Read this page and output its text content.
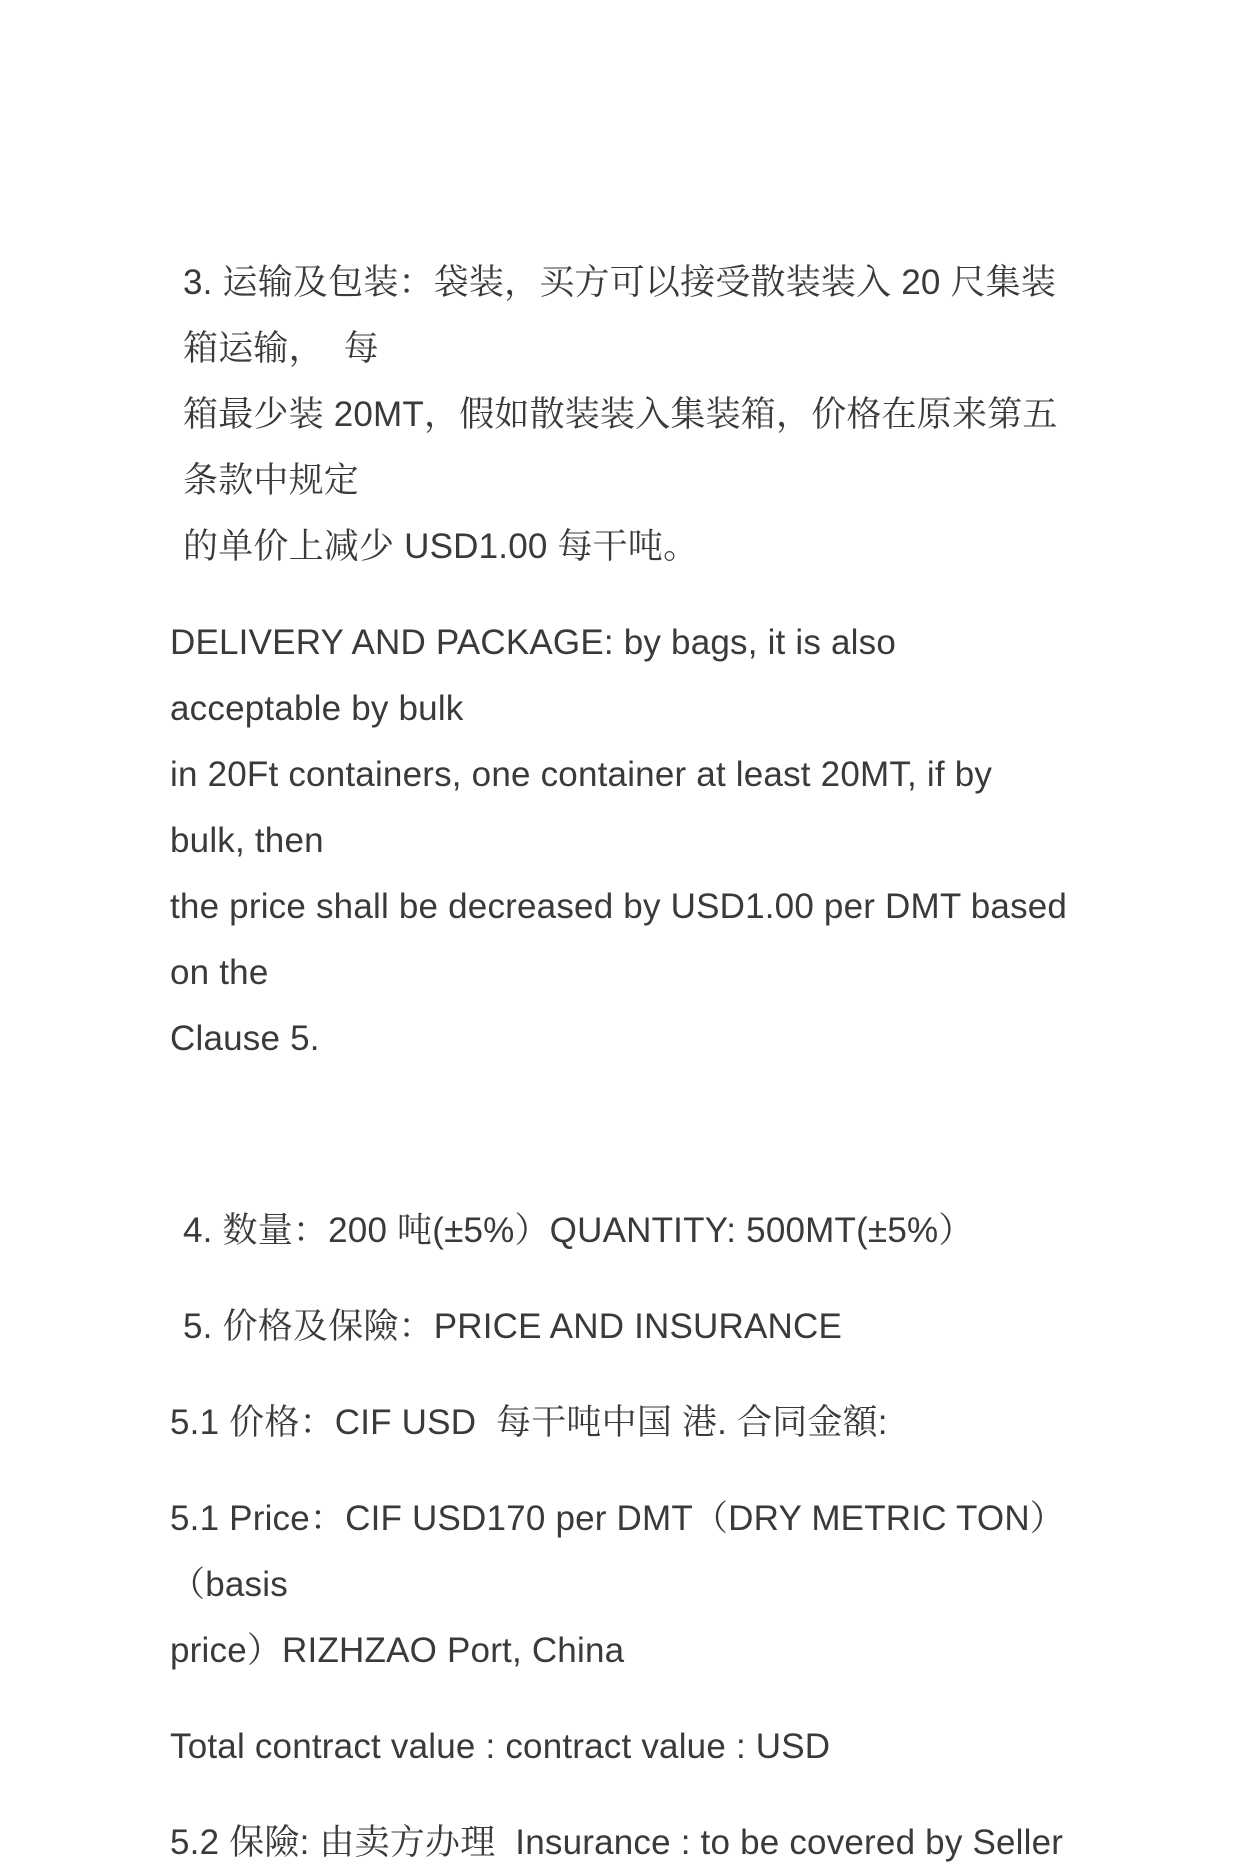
3. 运输及包装：袋装，买方可以接受散装装入 20 尺集装箱运输，  每
箱最少装 20MT，假如散装装入集装箱，价格在原来第五条款中规定
的单价上减少 USD1.00 每干吨。
DELIVERY AND PACKAGE: by bags, it is also acceptable by bulk
in 20Ft containers, one container at least 20MT, if by bulk, then
the price shall be decreased by USD1.00 per DMT based on the
Clause 5.
4. 数量：200 吨(±5%）QUANTITY: 500MT(±5%）
5. 价格及保險：PRICE AND INSURANCE
5.1 价格：CIF USD  每干吨中国 港. 合同金額:
5.1 Price：CIF USD170 per DMT（DRY METRIC TON） （basis
price）RIZHZAO Port, China
Total contract value : contract value : USD
5.2 保險: 由卖方办理  Insurance : to be covered by Seller
